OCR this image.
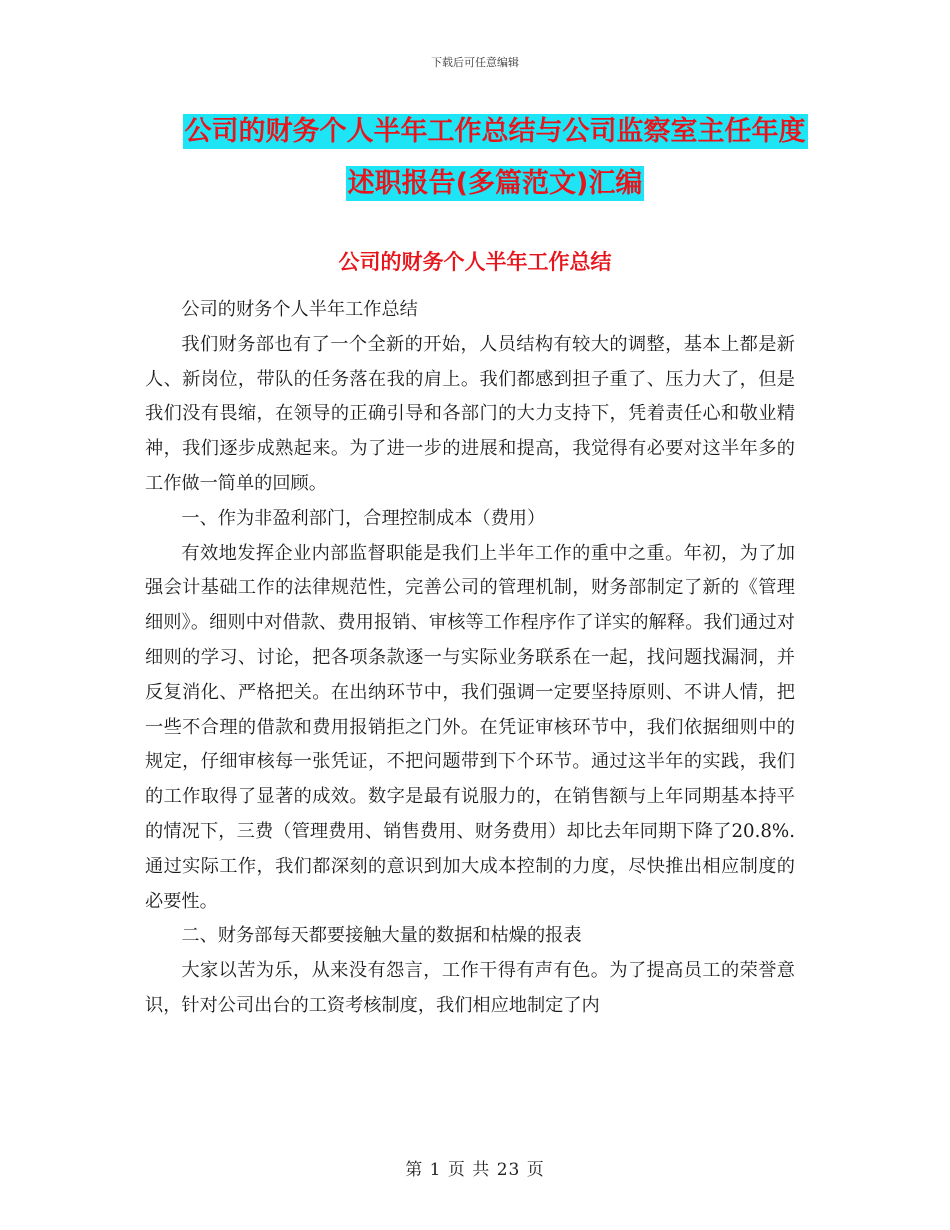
下载后可任意编辑
公司的财务个人半年工作总结与公司监察室主任年度
述职报告(多篇范文)汇编
公司的财务个人半年工作总结

公司的财务个人半年工作总结

我们财务部也有了一个全新的开始，人员结构有较大的调整，基本上都是新人、新岗位，带队的任务落在我的肩上。我们都感到担子重了、压力大了，但是我们没有畏缩，在领导的正确引导和各部门的大力支持下，凭着责任心和敬业精神，我们逐步成熟起来。为了进一步的进展和提高，我觉得有必要对这半年多的工作做一简单的回顾。

一、作为非盈利部门，合理控制成本（费用）

有效地发挥企业内部监督职能是我们上半年工作的重中之重。年初，为了加强会计基础工作的法律规范性，完善公司的管理机制，财务部制定了新的《管理细则》。细则中对借款、费用报销、审核等工作程序作了详实的解释。我们通过对细则的学习、讨论，把各项条款逐一与实际业务联系在一起，找问题找漏洞，并反复消化、严格把关。在出纳环节中，我们强调一定要坚持原则、不讲人情，把一些不合理的借款和费用报销拒之门外。在凭证审核环节中，我们依据细则中的规定，仔细审核每一张凭证，不把问题带到下个环节。通过这半年的实践，我们的工作取得了显著的成效。数字是最有说服力的，在销售额与上年同期基本持平的情况下，三费（管理费用、销售费用、财务费用）却比去年同期下降了20.8%.通过实际工作，我们都深刻的意识到加大成本控制的力度，尽快推出相应制度的必要性。

二、财务部每天都要接触大量的数据和枯燥的报表

大家以苦为乐，从来没有怨言，工作干得有声有色。为了提高员工的荣誉意识，针对公司出台的工资考核制度，我们相应地制定了内

第 1 页 共 23 页
